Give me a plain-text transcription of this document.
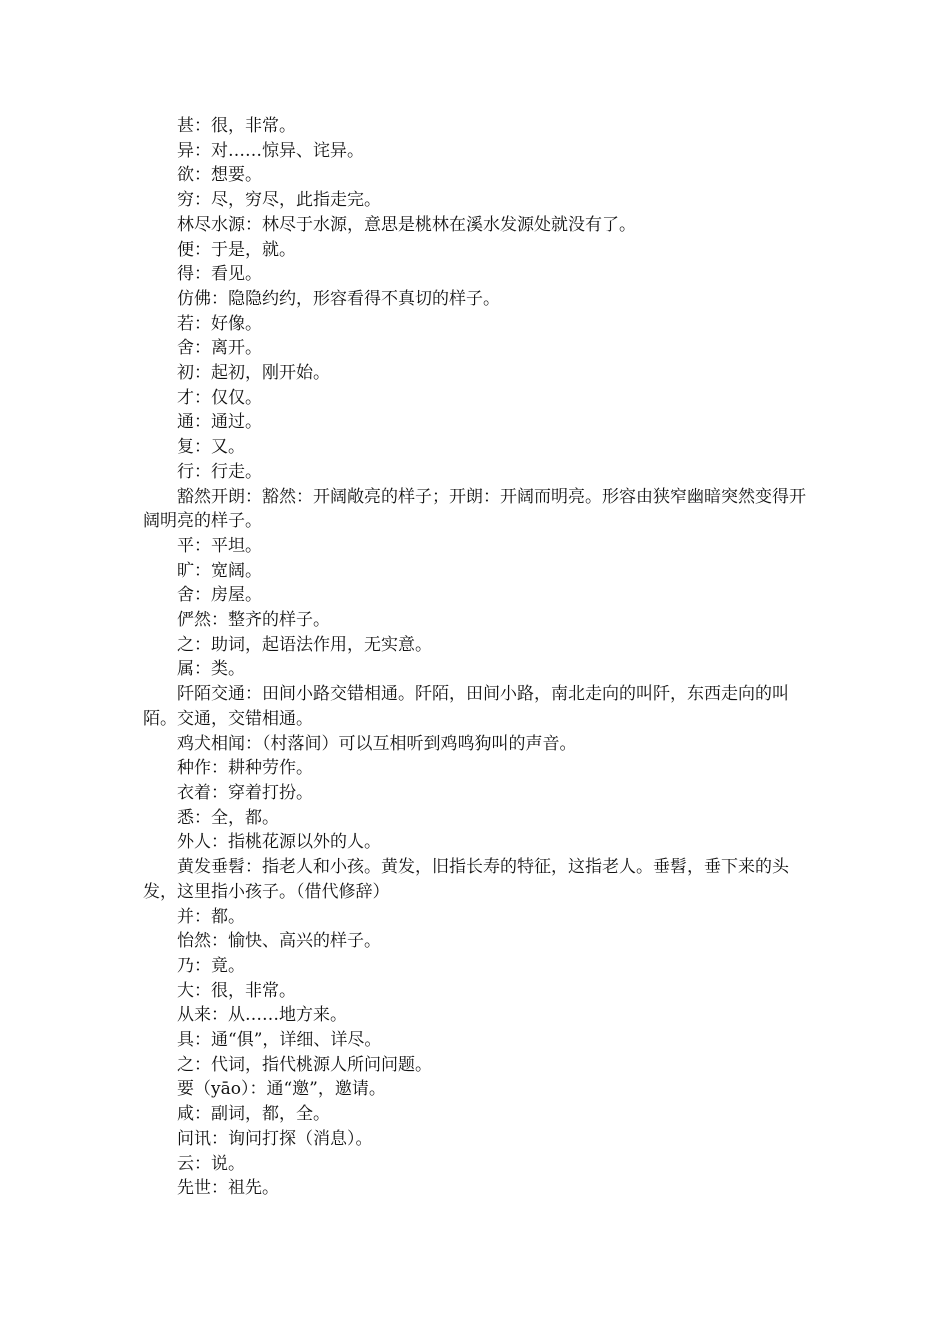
甚：很，非常。

异：对……惊异、诧异。

欲：想要。

穷：尽，穷尽，此指走完。

林尽水源：林尽于水源，意思是桃林在溪水发源处就没有了。

便：于是，就。

得：看见。

仿佛：隐隐约约，形容看得不真切的样子。

若：好像。

舍：离开。

初：起初，刚开始。

才：仅仅。

通：通过。

复：又。

行：行走。

豁然开朗：豁然：开阔敞亮的样子；开朗：开阔而明亮。形容由狭窄幽暗突然变得开阔明亮的样子。

平：平坦。

旷：宽阔。

舍：房屋。

俨然：整齐的样子。

之：助词，起语法作用，无实意。

属：类。

阡陌交通：田间小路交错相通。阡陌，田间小路，南北走向的叫阡，东西走向的叫陌。交通，交错相通。

鸡犬相闻：（村落间）可以互相听到鸡鸣狗叫的声音。

种作：耕种劳作。

衣着：穿着打扮。

悉：全，都。

外人：指桃花源以外的人。

黄发垂髫：指老人和小孩。黄发，旧指长寿的特征，这指老人。垂髫，垂下来的头发，这里指小孩子。（借代修辞）

并：都。

怡然：愉快、高兴的样子。

乃：竟。

大：很，非常。

从来：从……地方来。

具：通“俱”，详细、详尽。

之：代词，指代桃源人所问问题。

要（yāo）：通“邀”，邀请。

咸：副词，都，全。

问讯：询问打探（消息）。

云：说。

先世：祖先。
